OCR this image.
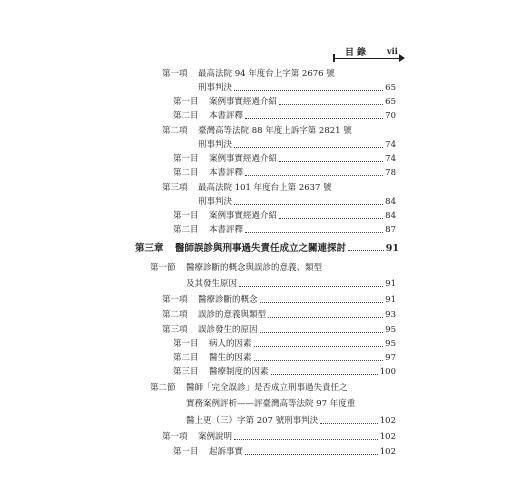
目錄 vii
第一項	最高法院 94 年度台上字第 2676 號
刑事判決	65
第一目	案例事實經過介紹	65
第二目	本書評釋	70
第二項	臺灣高等法院 88 年度上訴字第 2821 號
刑事判決	74
第一目	案例事實經過介紹	74
第二目	本書評釋	78
第三項	最高法院 101 年度台上第 2637 號
刑事判決	84
第一目	案例事實經過介紹	84
第二目	本書評釋	87
第三章	醫師誤診與刑事過失責任成立之關連探討	91
第一節	醫療診斷的概念與誤診的意義、類型
及其發生原因	91
第一項	醫療診斷的概念	91
第二項	誤診的意義與類型	93
第三項	誤診發生的原因	95
第一目	病人的因素	95
第二目	醫生的因素	97
第三目	醫療制度的因素	100
第二節	醫師「完全誤診」是否成立刑事過失責任之
實務案例評析——評臺灣高等法院 97 年度重
醫上更（三）字第 207 號刑事判決	102
第一項	案例說明	102
第一目	起訴事實	102
